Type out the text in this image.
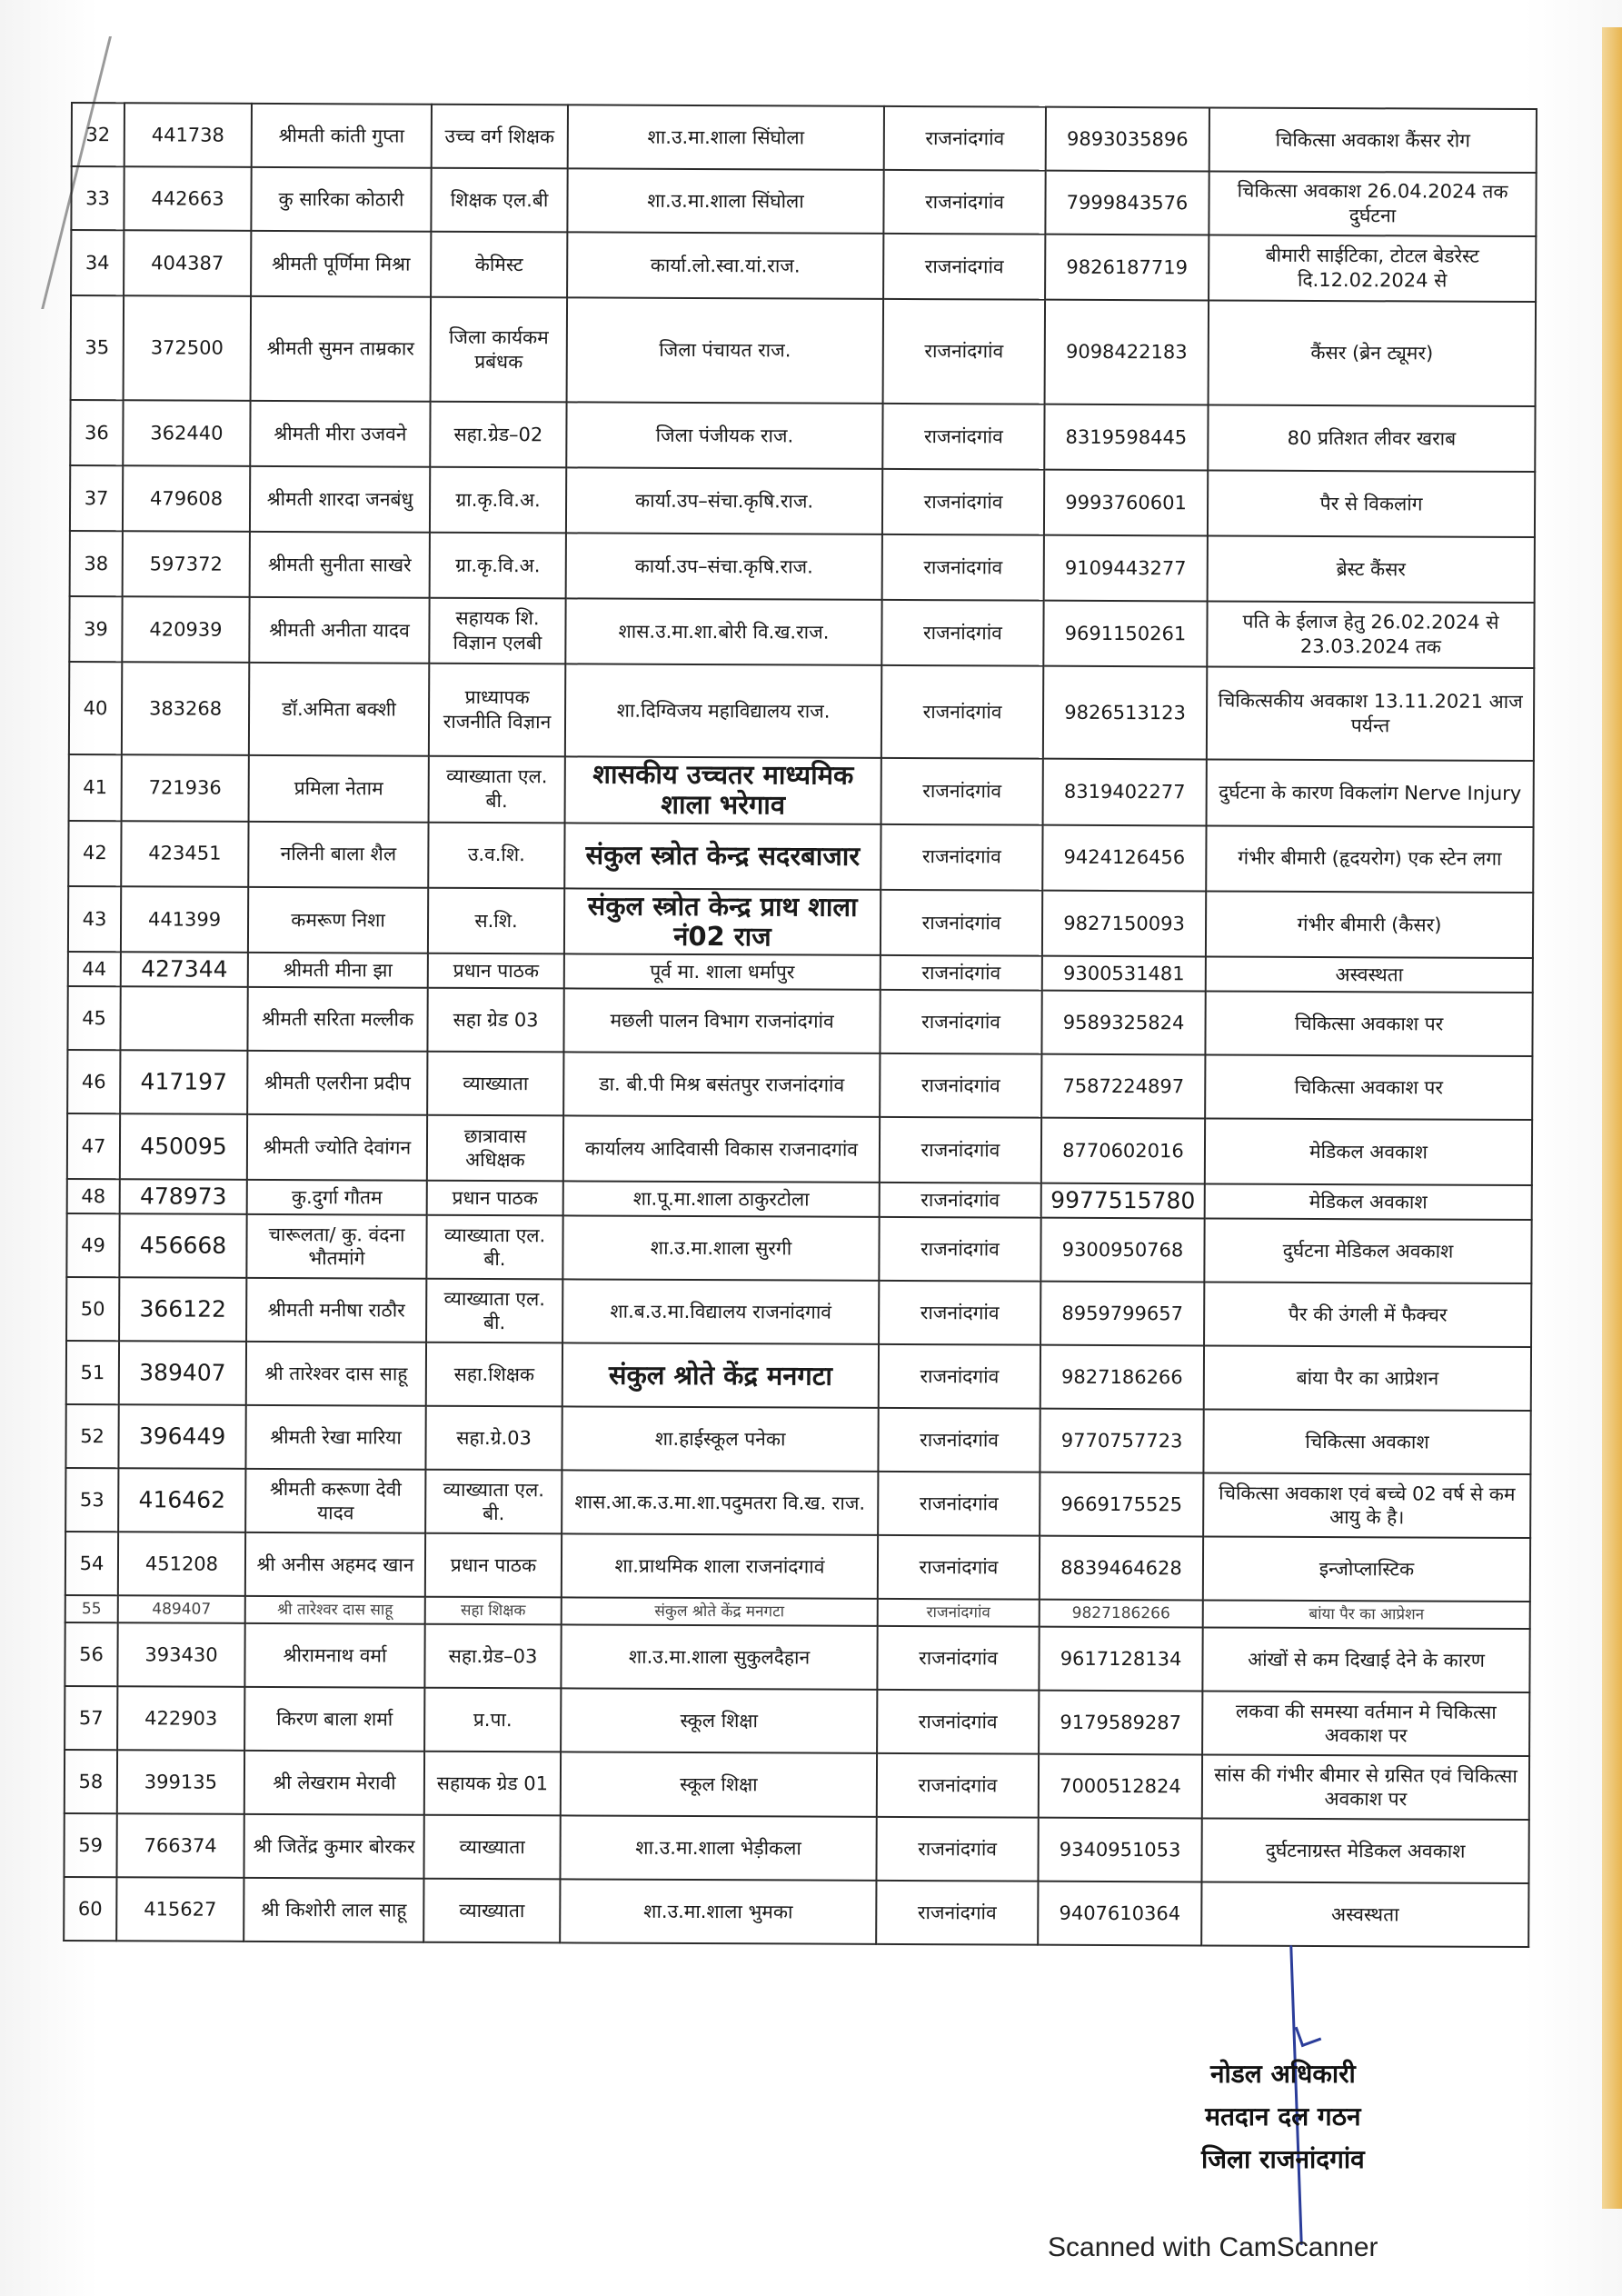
32	441738	श्रीमती कांती गुप्ता	उच्च वर्ग शिक्षक	शा.उ.मा.शाला सिंघोला	राजनांदगांव	9893035896	चिकित्सा अवकाश कैंसर रोग
33	442663	कु सारिका कोठारी	शिक्षक एल.बी	शा.उ.मा.शाला सिंघोला	राजनांदगांव	7999843576	चिकित्सा अवकाश 26.04.2024 तक दुर्घटना
34	404387	श्रीमती पूर्णिमा मिश्रा	केमिस्ट	कार्या.लो.स्वा.यां.राज.	राजनांदगांव	9826187719	बीमारी साईटिका, टोटल बेडरेस्ट दि.12.02.2024 से
35	372500	श्रीमती सुमन ताम्रकार	जिला कार्यकम प्रबंधक	जिला पंचायत राज.	राजनांदगांव	9098422183	कैंसर (ब्रेन ट्यूमर)
36	362440	श्रीमती मीरा उजवने	सहा.ग्रेड–02	जिला पंजीयक राज.	राजनांदगांव	8319598445	80 प्रतिशत लीवर खराब
37	479608	श्रीमती शारदा जनबंधु	ग्रा.कृ.वि.अ.	कार्या.उप–संचा.कृषि.राज.	राजनांदगांव	9993760601	पैर से विकलांग
38	597372	श्रीमती सुनीता साखरे	ग्रा.कृ.वि.अ.	कार्या.उप–संचा.कृषि.राज.	राजनांदगांव	9109443277	ब्रेस्ट कैंसर
39	420939	श्रीमती अनीता यादव	सहायक शि. विज्ञान एलबी	शास.उ.मा.शा.बोरी वि.ख.राज.	राजनांदगांव	9691150261	पति के ईलाज हेतु 26.02.2024 से 23.03.2024 तक
40	383268	डॉ.अमिता बक्शी	प्राध्यापक राजनीति विज्ञान	शा.दिग्विजय महाविद्यालय राज.	राजनांदगांव	9826513123	चिकित्सकीय अवकाश 13.11.2021 आज पर्यन्त
41	721936	प्रमिला नेताम	व्याख्याता एल. बी.	शासकीय उच्चतर माध्यमिक शाला भरेगाव	राजनांदगांव	8319402277	दुर्घटना के कारण विकलांग Nerve Injury
42	423451	नलिनी बाला शैल	उ.व.शि.	संकुल स्त्रोत केन्द्र सदरबाजार	राजनांदगांव	9424126456	गंभीर बीमारी (हृदयरोग) एक स्टेन लगा
43	441399	कमरूण निशा	स.शि.	संकुल स्त्रोत केन्द्र प्राथ शाला नं02 राज	राजनांदगांव	9827150093	गंभीर बीमारी (कैसर)
44	427344	श्रीमती मीना झा	प्रधान पाठक	पूर्व मा. शाला धर्मापुर	राजनांदगांव	9300531481	अस्वस्थता
45		श्रीमती सरिता मल्लीक	सहा ग्रेड 03	मछली पालन विभाग राजनांदगांव	राजनांदगांव	9589325824	चिकित्सा अवकाश पर
46	417197	श्रीमती एलरीना प्रदीप	व्याख्याता	डा. बी.पी मिश्र बसंतपुर राजनांदगांव	राजनांदगांव	7587224897	चिकित्सा अवकाश पर
47	450095	श्रीमती ज्योति देवांगन	छात्रावास अधिक्षक	कार्यालय आदिवासी विकास राजनादगांव	राजनांदगांव	8770602016	मेडिकल अवकाश
48	478973	कु.दुर्गा गौतम	प्रधान पाठक	शा.पू.मा.शाला ठाकुरटोला	राजनांदगांव	9977515780	मेडिकल अवकाश
49	456668	चारूलता/ कु. वंदना भौतमांगे	व्याख्याता एल. बी.	शा.उ.मा.शाला सुरगी	राजनांदगांव	9300950768	दुर्घटना मेडिकल अवकाश
50	366122	श्रीमती मनीषा राठौर	व्याख्याता एल. बी.	शा.ब.उ.मा.विद्यालय राजनांदगावं	राजनांदगांव	8959799657	पैर की उंगली में फैक्चर
51	389407	श्री तारेश्वर दास साहू	सहा.शिक्षक	संकुल श्रोते केंद्र मनगटा	राजनांदगांव	9827186266	बांया पैर का आप्रेशन
52	396449	श्रीमती रेखा मारिया	सहा.ग्रे.03	शा.हाईस्कूल पनेका	राजनांदगांव	9770757723	चिकित्सा अवकाश
53	416462	श्रीमती करूणा देवी यादव	व्याख्याता एल. बी.	शास.आ.क.उ.मा.शा.पदुमतरा वि.ख. राज.	राजनांदगांव	9669175525	चिकित्सा अवकाश एवं बच्चे 02 वर्ष से कम आयु के है।
54	451208	श्री अनीस अहमद खान	प्रधान पाठक	शा.प्राथमिक शाला राजनांदगावं	राजनांदगांव	8839464628	इन्जोप्लास्टिक
55	489407	श्री तारेश्वर दास साहू	सहा शिक्षक	संकुल श्रोते केंद्र मनगटा	राजनांदगांव	9827186266	बांया पैर का आप्रेशन
56	393430	श्रीरामनाथ वर्मा	सहा.ग्रेड–03	शा.उ.मा.शाला सुकुलदैहान	राजनांदगांव	9617128134	आंखों से कम दिखाई देने के कारण
57	422903	किरण बाला शर्मा	प्र.पा.	स्कूल शिक्षा	राजनांदगांव	9179589287	लकवा की समस्या वर्तमान मे चिकित्सा अवकाश पर
58	399135	श्री लेखराम मेरावी	सहायक ग्रेड 01	स्कूल शिक्षा	राजनांदगांव	7000512824	सांस की गंभीर बीमार से ग्रसित एवं चिकित्सा अवकाश पर
59	766374	श्री जितेंद्र कुमार बोरकर	व्याख्याता	शा.उ.मा.शाला भेड़ीकला	राजनांदगांव	9340951053	दुर्घटनाग्रस्त मेडिकल अवकाश
60	415627	श्री किशोरी लाल साहू	व्याख्याता	शा.उ.मा.शाला भुमका	राजनांदगांव	9407610364	अस्वस्थता
नोडल अधिकारी
मतदान दल गठन
जिला राजनांदगांव
Scanned with CamScanner
